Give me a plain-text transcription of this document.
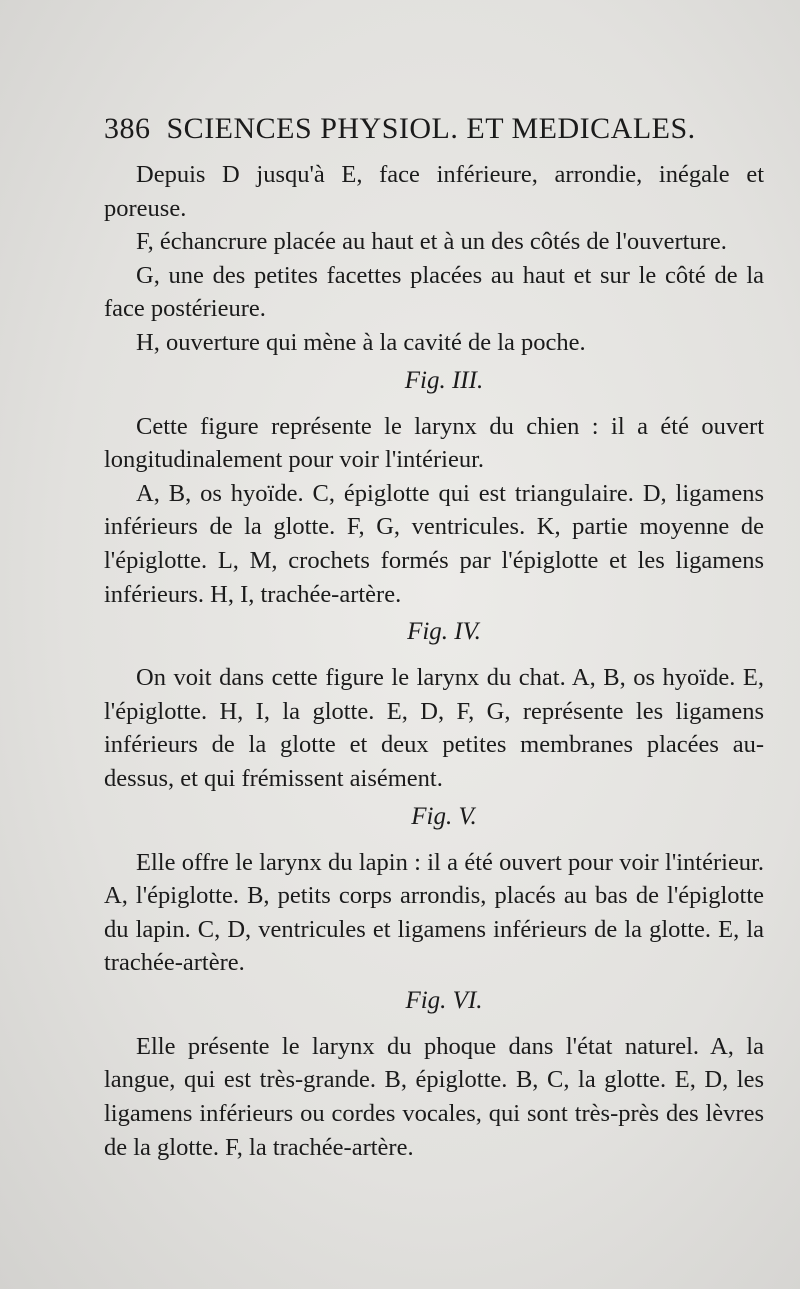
386 SCIENCES PHYSIOL. ET MEDICALES.

Depuis D jusqu'à E, face inférieure, arrondie, inégale et poreuse.

F, échancrure placée au haut et à un des côtés de l'ouverture.

G, une des petites facettes placées au haut et sur le côté de la face postérieure.

H, ouverture qui mène à la cavité de la poche.

Fig. III.

Cette figure représente le larynx du chien : il a été ouvert longitudinalement pour voir l'intérieur.

A, B, os hyoïde. C, épiglotte qui est triangulaire. D, ligamens inférieurs de la glotte. F, G, ventricules. K, partie moyenne de l'épiglotte. L, M, crochets formés par l'épiglotte et les ligamens inférieurs. H, I, trachée-artère.

Fig. IV.

On voit dans cette figure le larynx du chat. A, B, os hyoïde. E, l'épiglotte. H, I, la glotte. E, D, F, G, représente les ligamens inférieurs de la glotte et deux petites membranes placées au-dessus, et qui frémissent aisément.

Fig. V.

Elle offre le larynx du lapin : il a été ouvert pour voir l'intérieur. A, l'épiglotte. B, petits corps arrondis, placés au bas de l'épiglotte du lapin. C, D, ventricules et ligamens inférieurs de la glotte. E, la trachée-artère.

Fig. VI.

Elle présente le larynx du phoque dans l'état naturel. A, la langue, qui est très-grande. B, épiglotte. B, C, la glotte. E, D, les ligamens inférieurs ou cordes vocales, qui sont très-près des lèvres de la glotte. F, la trachée-artère.
